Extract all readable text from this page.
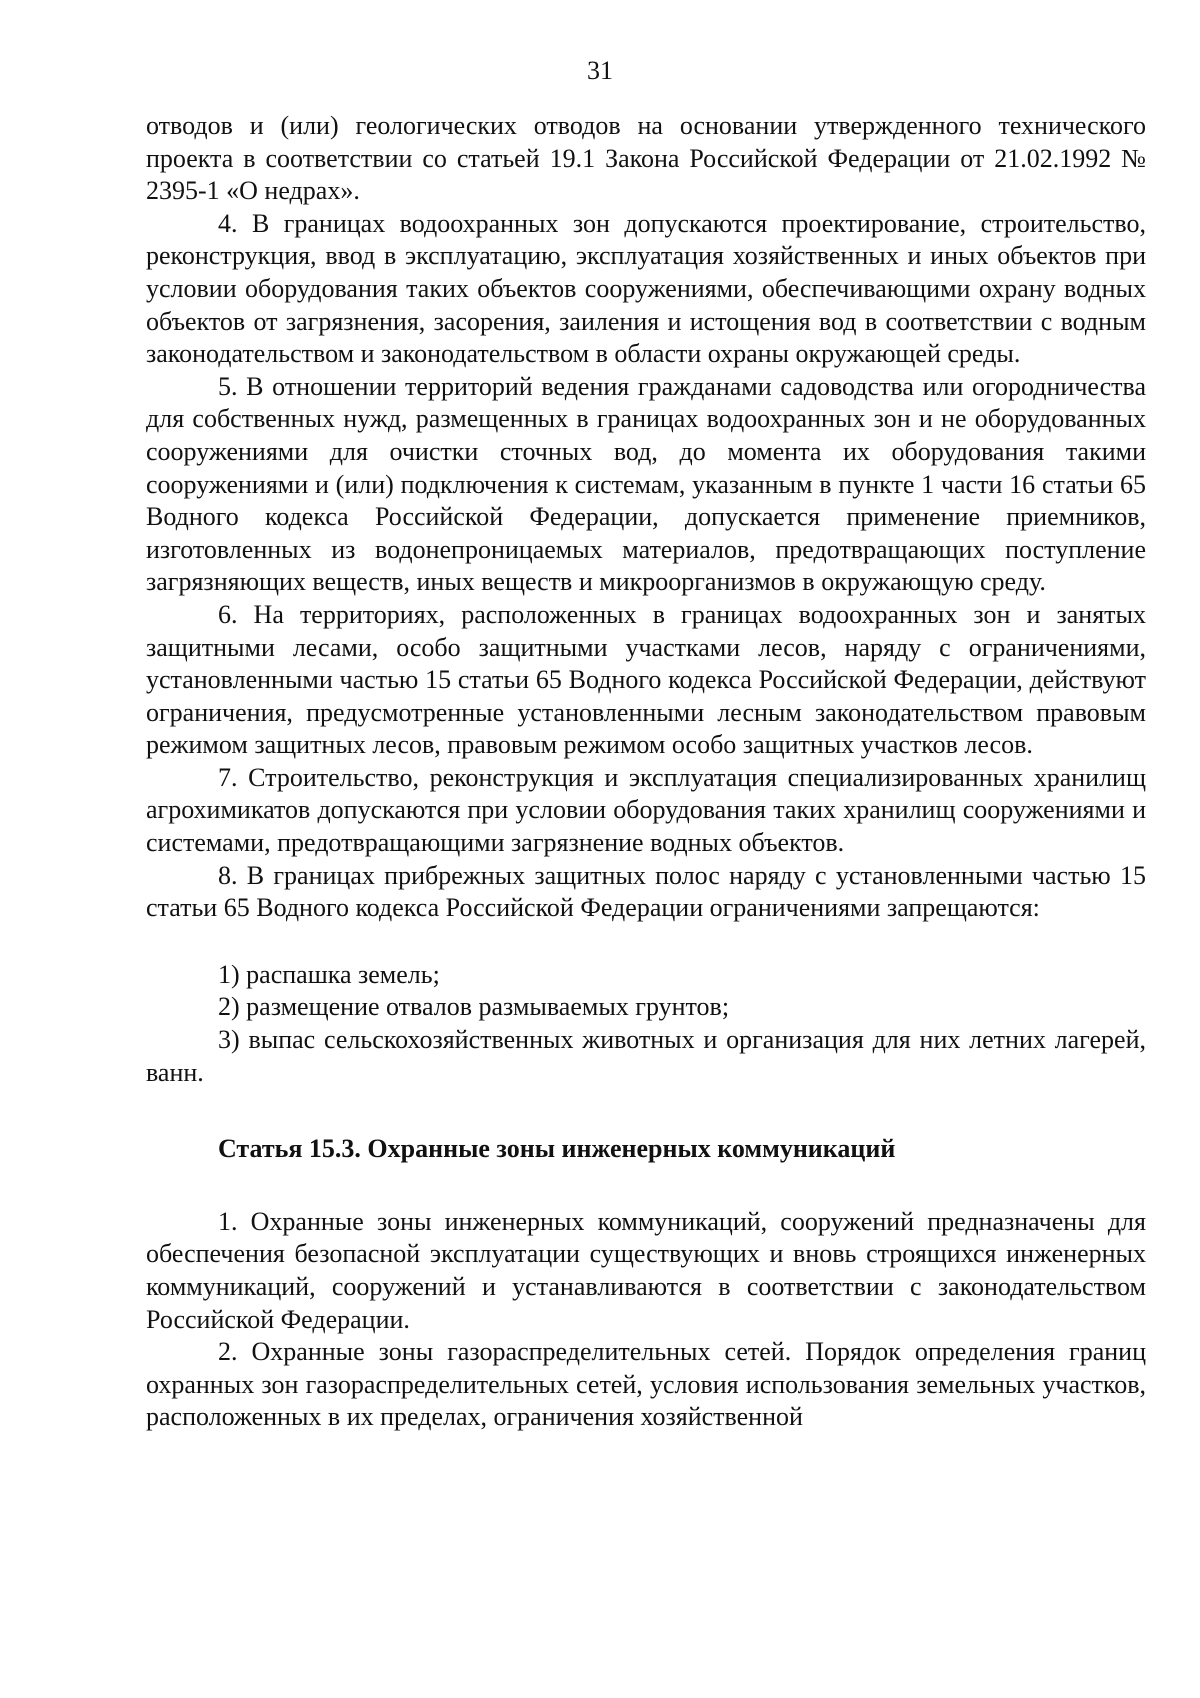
31

отводов и (или) геологических отводов на основании утвержденного технического проекта в соответствии со статьей 19.1 Закона Российской Федерации от 21.02.1992 № 2395-1 «О недрах».

4. В границах водоохранных зон допускаются проектирование, строительство, реконструкция, ввод в эксплуатацию, эксплуатация хозяйственных и иных объектов при условии оборудования таких объектов сооружениями, обеспечивающими охрану водных объектов от загрязнения, засорения, заиления и истощения вод в соответствии с водным законодательством и законодательством в области охраны окружающей среды.

5. В отношении территорий ведения гражданами садоводства или огородничества для собственных нужд, размещенных в границах водоохранных зон и не оборудованных сооружениями для очистки сточных вод, до момента их оборудования такими сооружениями и (или) подключения к системам, указанным в пункте 1 части 16 статьи 65 Водного кодекса Российской Федерации, допускается применение приемников, изготовленных из водонепроницаемых материалов, предотвращающих поступление загрязняющих веществ, иных веществ и микроорганизмов в окружающую среду.

6. На территориях, расположенных в границах водоохранных зон и занятых защитными лесами, особо защитными участками лесов, наряду с ограничениями, установленными частью 15 статьи 65 Водного кодекса Российской Федерации, действуют ограничения, предусмотренные установленными лесным законодательством правовым режимом защитных лесов, правовым режимом особо защитных участков лесов.

7. Строительство, реконструкция и эксплуатация специализированных хранилищ агрохимикатов допускаются при условии оборудования таких хранилищ сооружениями и системами, предотвращающими загрязнение водных объектов.

8. В границах прибрежных защитных полос наряду с установленными частью 15 статьи 65 Водного кодекса Российской Федерации ограничениями запрещаются:

1) распашка земель;

2) размещение отвалов размываемых грунтов;

3) выпас сельскохозяйственных животных и организация для них летних лагерей, ванн.

Статья 15.3. Охранные зоны инженерных коммуникаций

1. Охранные зоны инженерных коммуникаций, сооружений предназначены для обеспечения безопасной эксплуатации существующих и вновь строящихся инженерных коммуникаций, сооружений и устанавливаются в соответствии с законодательством Российской Федерации.

2. Охранные зоны газораспределительных сетей. Порядок определения границ охранных зон газораспределительных сетей, условия использования земельных участков, расположенных в их пределах, ограничения хозяйственной
